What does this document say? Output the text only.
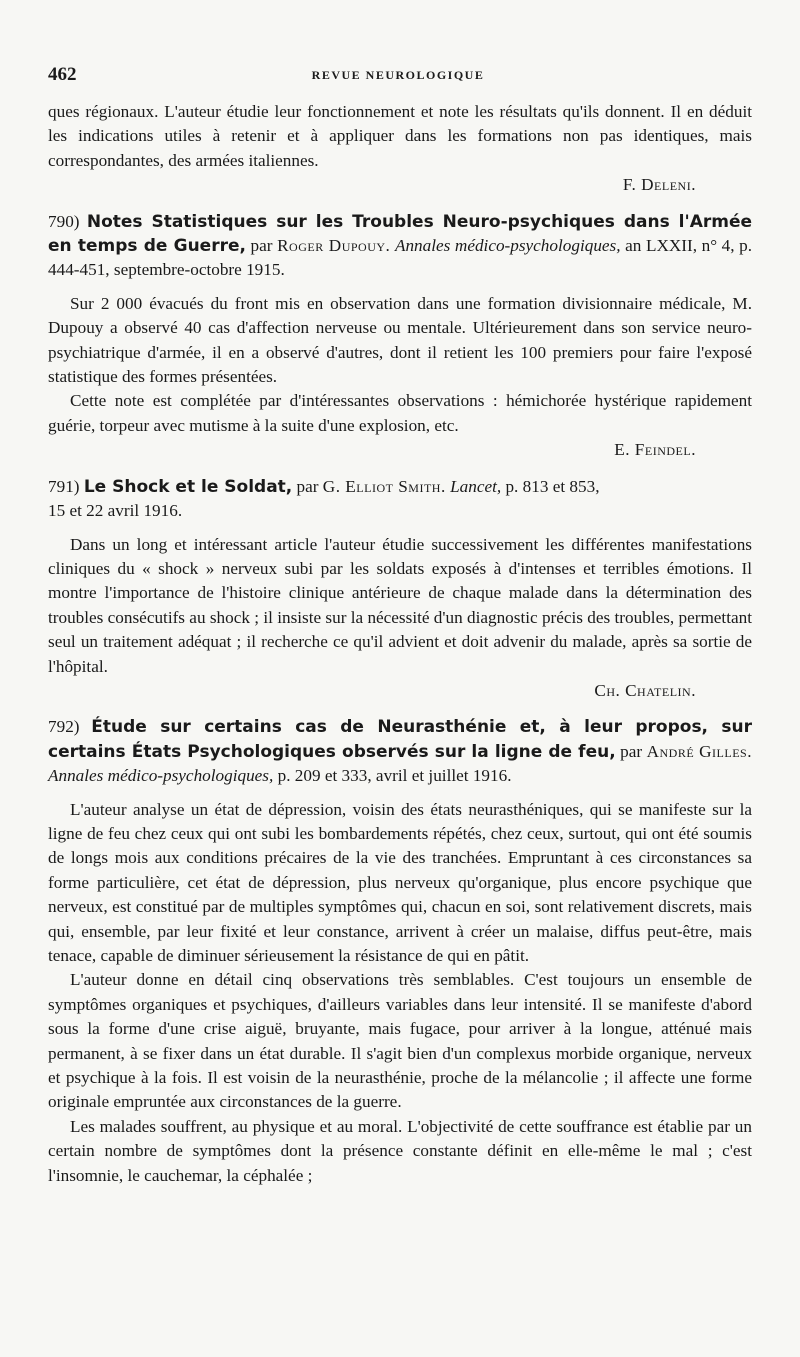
462	REVUE NEUROLOGIQUE

ques régionaux. L'auteur étudie leur fonctionnement et note les résultats qu'ils donnent. Il en déduit les indications utiles à retenir et à appliquer dans les formations non pas identiques, mais correspondantes, des armées italiennes.

F. Deleni.

790) Notes Statistiques sur les Troubles Neuro-psychiques dans l'Armée en temps de Guerre, par Roger Dupouy. Annales médico-psychologiques, an LXXII, n° 4, p. 444-451, septembre-octobre 1915.

Sur 2 000 évacués du front mis en observation dans une formation divisionnaire médicale, M. Dupouy a observé 40 cas d'affection nerveuse ou mentale. Ultérieurement dans son service neuro-psychiatrique d'armée, il en a observé d'autres, dont il retient les 100 premiers pour faire l'exposé statistique des formes présentées.

Cette note est complétée par d'intéressantes observations : hémichorée hystérique rapidement guérie, torpeur avec mutisme à la suite d'une explosion, etc.

E. Feindel.

791) Le Shock et le Soldat, par G. Elliot Smith. Lancet, p. 813 et 853,

15 et 22 avril 1916.

Dans un long et intéressant article l'auteur étudie successivement les différentes manifestations cliniques du « shock » nerveux subi par les soldats exposés à d'intenses et terribles émotions. Il montre l'importance de l'histoire clinique antérieure de chaque malade dans la détermination des troubles consécutifs au shock ; il insiste sur la nécessité d'un diagnostic précis des troubles, permettant seul un traitement adéquat ; il recherche ce qu'il advient et doit advenir du malade, après sa sortie de l'hôpital.

Ch. Chatelin.

792) Étude sur certains cas de Neurasthénie et, à leur propos, sur certains États Psychologiques observés sur la ligne de feu, par André Gilles. Annales médico-psychologiques, p. 209 et 333, avril et juillet 1916.

L'auteur analyse un état de dépression, voisin des états neurasthéniques, qui se manifeste sur la ligne de feu chez ceux qui ont subi les bombardements répétés, chez ceux, surtout, qui ont été soumis de longs mois aux conditions précaires de la vie des tranchées. Empruntant à ces circonstances sa forme particulière, cet état de dépression, plus nerveux qu'organique, plus encore psychique que nerveux, est constitué par de multiples symptômes qui, chacun en soi, sont relativement discrets, mais qui, ensemble, par leur fixité et leur constance, arrivent à créer un malaise, diffus peut-être, mais tenace, capable de diminuer sérieusement la résistance de qui en pâtit.

L'auteur donne en détail cinq observations très semblables. C'est toujours un ensemble de symptômes organiques et psychiques, d'ailleurs variables dans leur intensité. Il se manifeste d'abord sous la forme d'une crise aiguë, bruyante, mais fugace, pour arriver à la longue, atténué mais permanent, à se fixer dans un état durable. Il s'agit bien d'un complexus morbide organique, nerveux et psychique à la fois. Il est voisin de la neurasthénie, proche de la mélancolie ; il affecte une forme originale empruntée aux circonstances de la guerre.

Les malades souffrent, au physique et au moral. L'objectivité de cette souffrance est établie par un certain nombre de symptômes dont la présence constante définit en elle-même le mal ; c'est l'insomnie, le cauchemar, la céphalée ;
